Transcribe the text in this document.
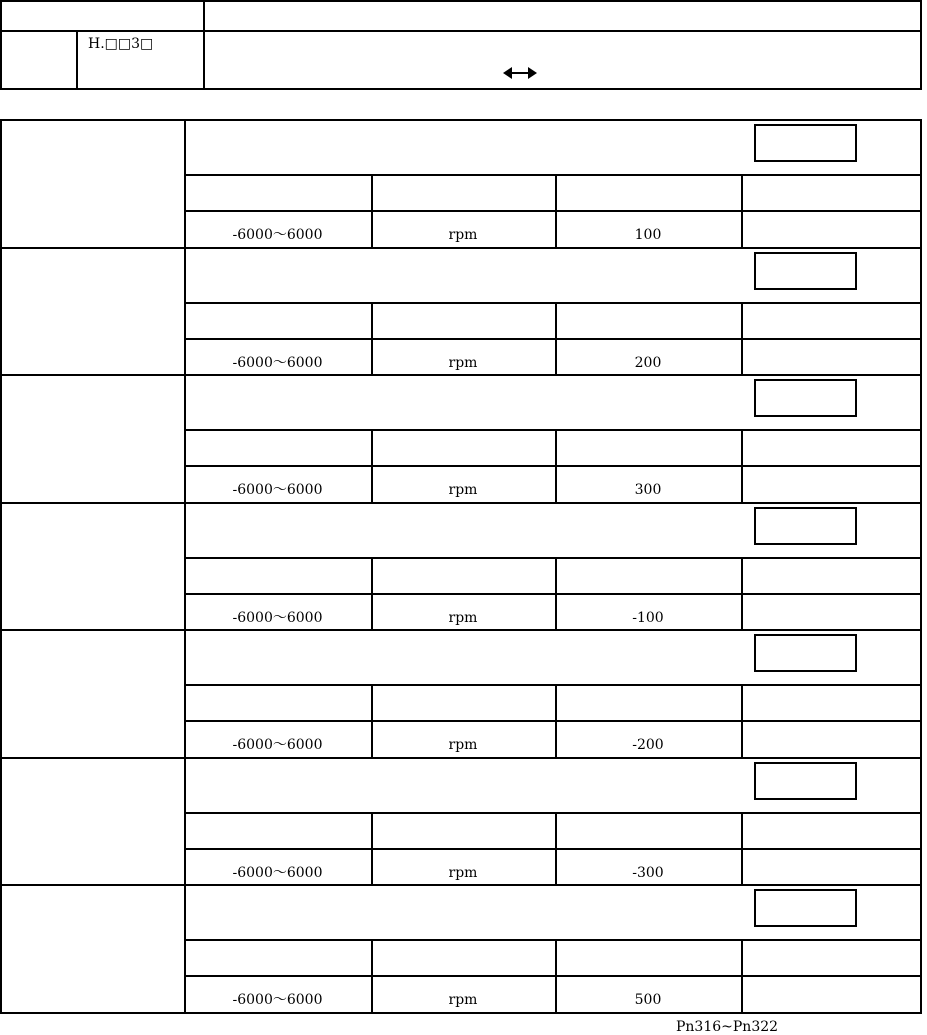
H.□□3□
-6000～6000	rpm	100
-6000～6000	rpm	200
-6000～6000	rpm	300
-6000～6000	rpm	-100
-6000～6000	rpm	-200
-6000～6000	rpm	-300
-6000～6000	rpm	500
Pn316~Pn322
